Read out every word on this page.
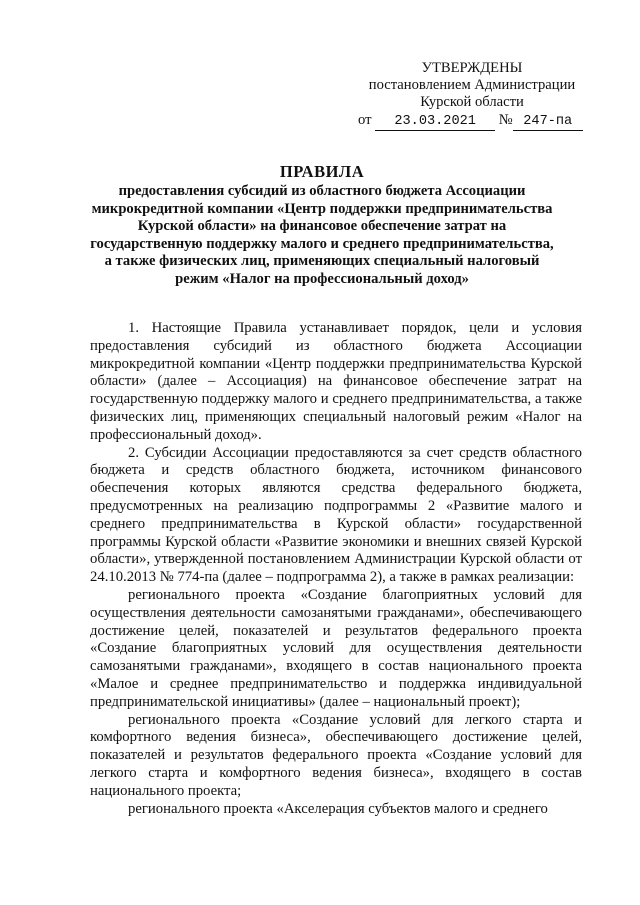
УТВЕРЖДЕНЫ
постановлением Администрации
Курской области
от 23.03.2021 № 247-па
ПРАВИЛА
предоставления субсидий из областного бюджета Ассоциации
микрокредитной компании «Центр поддержки предпринимательства
Курской области» на финансовое обеспечение затрат на
государственную поддержку малого и среднего предпринимательства,
а также физических лиц, применяющих специальный налоговый
режим «Налог на профессиональный доход»

1. Настоящие Правила устанавливает порядок, цели и условия предоставления субсидий из областного бюджета Ассоциации микрокредитной компании «Центр поддержки предпринимательства Курской области» (далее – Ассоциация) на финансовое обеспечение затрат на государственную поддержку малого и среднего предпринимательства, а также физических лиц, применяющих специальный налоговый режим «Налог на профессиональный доход».

2. Субсидии Ассоциации предоставляются за счет средств областного бюджета и средств областного бюджета, источником финансового обеспечения которых являются средства федерального бюджета, предусмотренных на реализацию подпрограммы 2 «Развитие малого и среднего предпринимательства в Курской области» государственной программы Курской области «Развитие экономики и внешних связей Курской области», утвержденной постановлением Администрации Курской области от 24.10.2013 № 774-па (далее – подпрограмма 2), а также в рамках реализации:

регионального проекта «Создание благоприятных условий для осуществления деятельности самозанятыми гражданами», обеспечивающего достижение целей, показателей и результатов федерального проекта «Создание благоприятных условий для осуществления деятельности самозанятыми гражданами», входящего в состав национального проекта «Малое и среднее предпринимательство и поддержка индивидуальной предпринимательской инициативы» (далее – национальный проект);

регионального проекта «Создание условий для легкого старта и комфортного ведения бизнеса», обеспечивающего достижение целей, показателей и результатов федерального проекта «Создание условий для легкого старта и комфортного ведения бизнеса», входящего в состав национального проекта;

регионального проекта «Акселерация субъектов малого и среднего
